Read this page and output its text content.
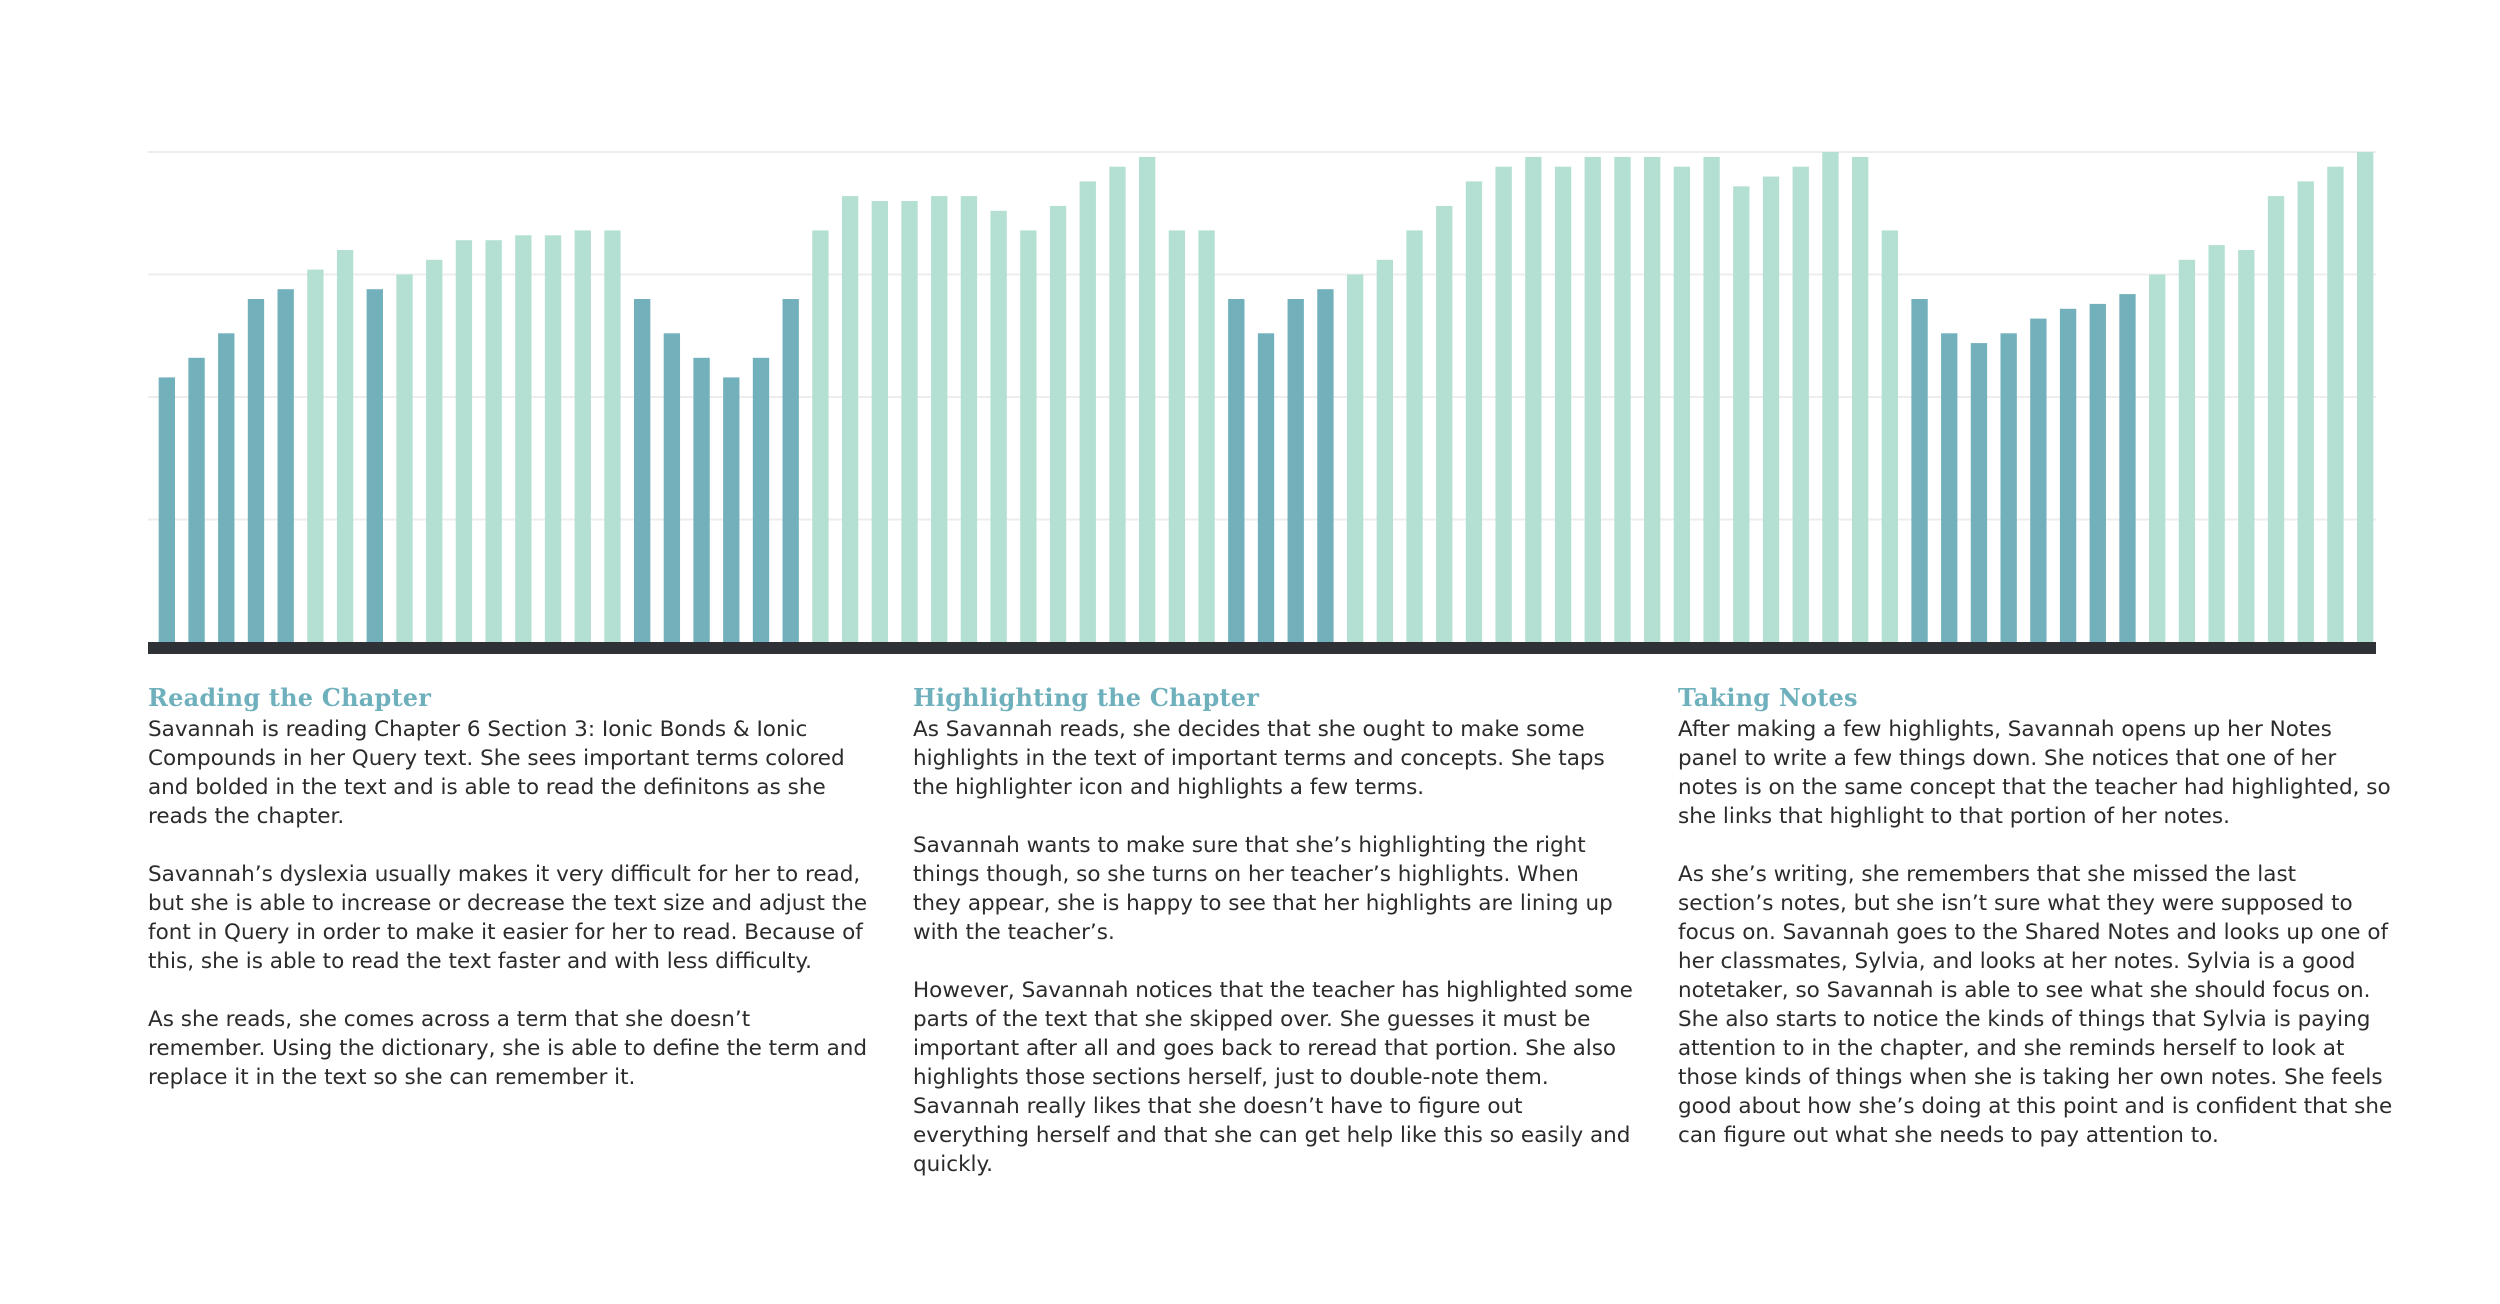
Reading the Chapter

Savannah is reading Chapter 6 Section 3: Ionic Bonds & Ionic Compounds in her Query text. She sees important terms colored and bolded in the text and is able to read the definitons as she reads the chapter.

Savannah’s dyslexia usually makes it very difficult for her to read, but she is able to increase or decrease the text size and adjust the font in Query in order to make it easier for her to read. Because of this, she is able to read the text faster and with less difficulty.

As she reads, she comes across a term that she doesn’t remember. Using the dictionary, she is able to define the term and replace it in the text so she can remember it.

Highlighting the Chapter

As Savannah reads, she decides that she ought to make some highlights in the text of important terms and concepts. She taps the highlighter icon and highlights a few terms.

Savannah wants to make sure that she’s highlighting the right things though, so she turns on her teacher’s highlights. When they appear, she is happy to see that her highlights are lining up with the teacher’s.

However, Savannah notices that the teacher has highlighted some parts of the text that she skipped over. She guesses it must be important after all and goes back to reread that portion. She also highlights those sections herself, just to double-note them. Savannah really likes that she doesn’t have to figure out everything herself and that she can get help like this so easily and quickly.

Taking Notes

After making a few highlights, Savannah opens up her Notes panel to write a few things down. She notices that one of her notes is on the same concept that the teacher had highlighted, so she links that highlight to that portion of her notes.

As she’s writing, she remembers that she missed the last section’s notes, but she isn’t sure what they were supposed to focus on. Savannah goes to the Shared Notes and looks up one of her classmates, Sylvia, and looks at her notes. Sylvia is a good notetaker, so Savannah is able to see what she should focus on. She also starts to notice the kinds of things that Sylvia is paying attention to in the chapter, and she reminds herself to look at those kinds of things when she is taking her own notes. She feels good about how she’s doing at this point and is confident that she can figure out what she needs to pay attention to.
